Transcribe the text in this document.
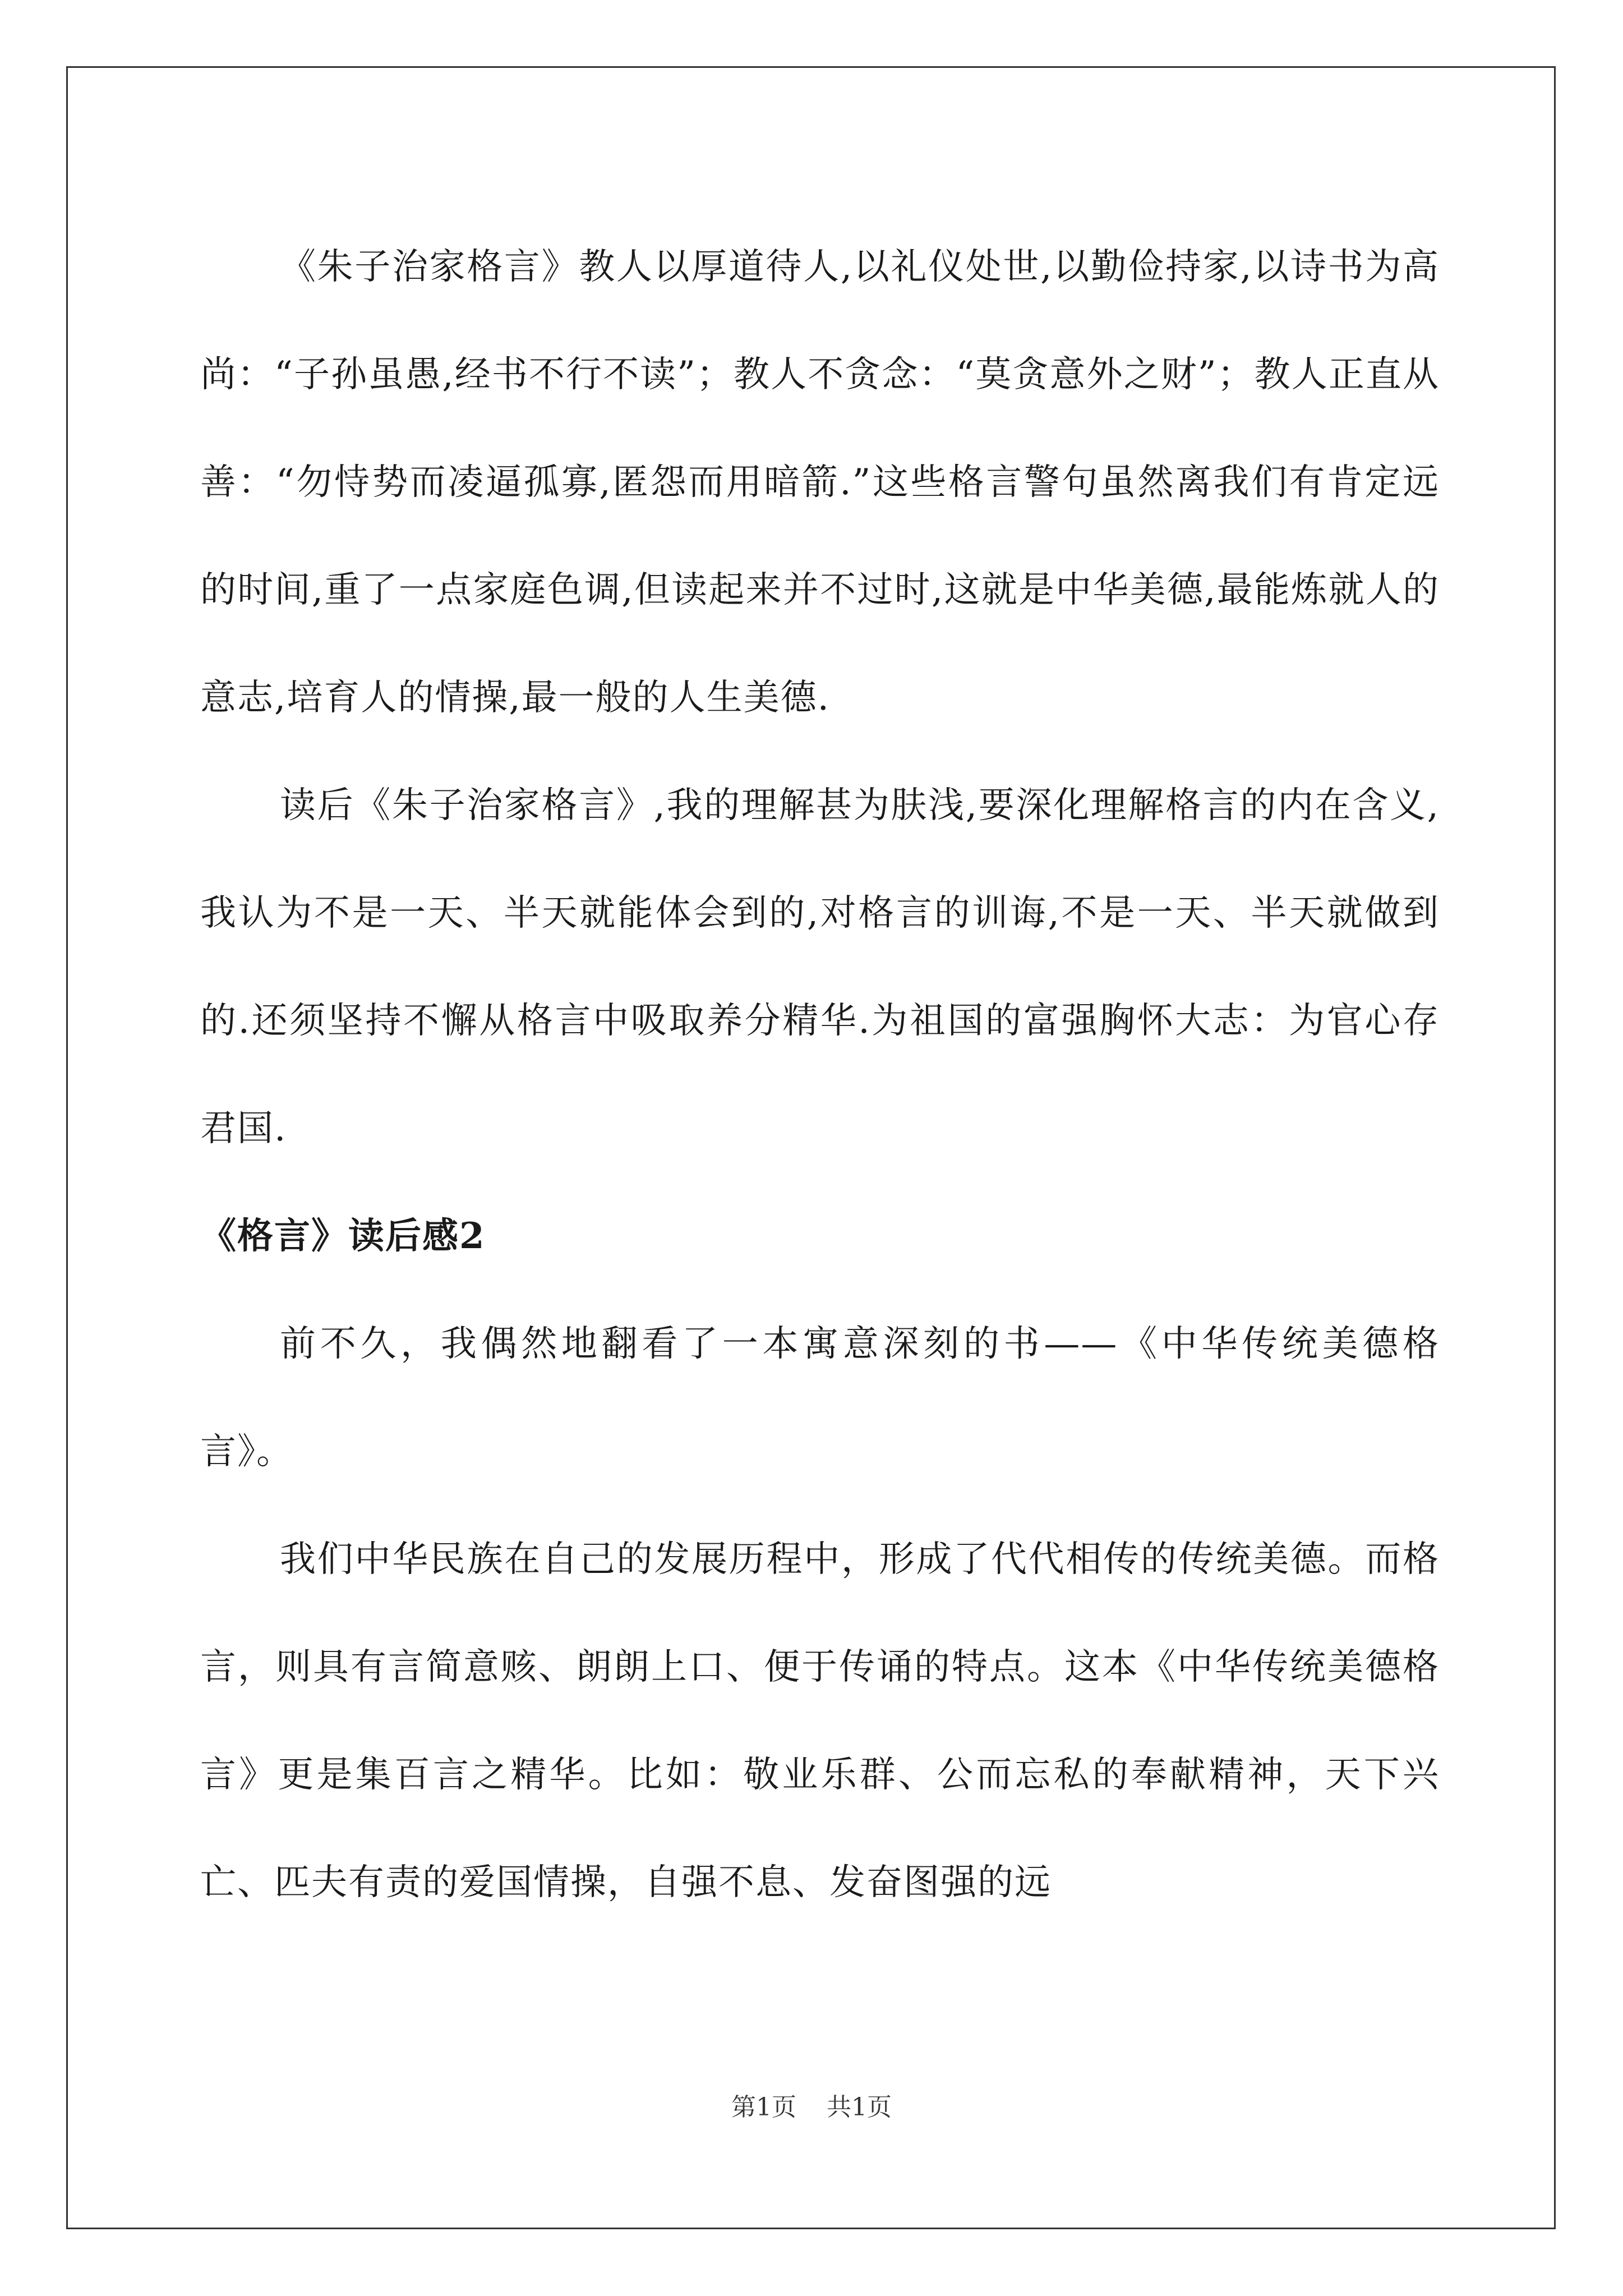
《朱子治家格言》教人以厚道待人,以礼仪处世,以勤俭持家,以诗书为高尚：“子孙虽愚,经书不行不读”；教人不贪念：“莫贪意外之财”；教人正直从善：“勿恃势而凌逼孤寡,匿怨而用暗箭.”这些格言警句虽然离我们有肯定远的时间,重了一点家庭色调,但读起来并不过时,这就是中华美德,最能炼就人的意志,培育人的情操,最一般的人生美德.

读后《朱子治家格言》,我的理解甚为肤浅,要深化理解格言的内在含义,我认为不是一天、半天就能体会到的,对格言的训诲,不是一天、半天就做到的.还须坚持不懈从格言中吸取养分精华.为祖国的富强胸怀大志：为官心存君国.

《格言》读后感2

前不久，我偶然地翻看了一本寓意深刻的书——《中华传统美德格言》。

我们中华民族在自己的发展历程中，形成了代代相传的传统美德。而格言，则具有言简意赅、朗朗上口、便于传诵的特点。这本《中华传统美德格言》更是集百言之精华。比如：敬业乐群、公而忘私的奉献精神，天下兴亡、匹夫有责的爱国情操，自强不息、发奋图强的远

第1页 共1页
